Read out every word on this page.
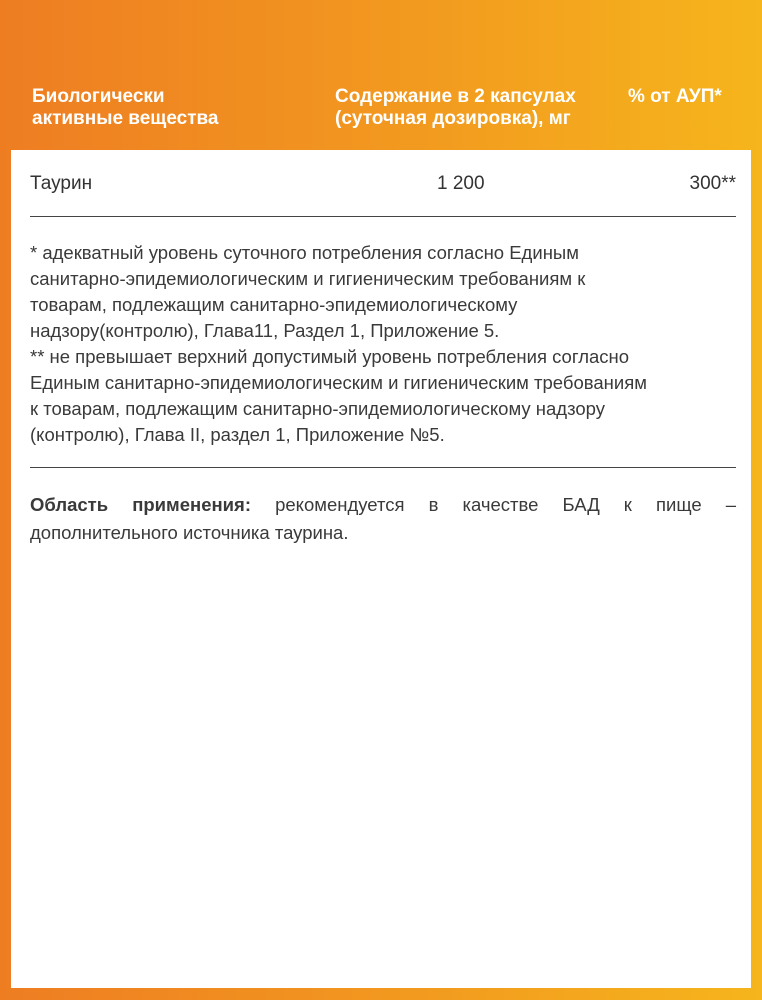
Биологически
активные вещества
Содержание в 2 капсулах
(суточная дозировка), мг
% от АУП*
Таурин	1 200	300**
* адекватный уровень суточного потребления согласно Единым
санитарно-эпидемиологическим и гигиеническим требованиям к
товарам, подлежащим санитарно-эпидемиологическому
надзору(контролю), Глава11, Раздел 1, Приложение 5.
** не превышает верхний допустимый уровень потребления согласно
Единым санитарно-эпидемиологическим и гигиеническим требованиям
к товарам, подлежащим санитарно-эпидемиологическому надзору
(контролю), Глава II, раздел 1, Приложение №5.
Область применения: рекомендуется в качестве БАД к пище –
дополнительного источника таурина.
